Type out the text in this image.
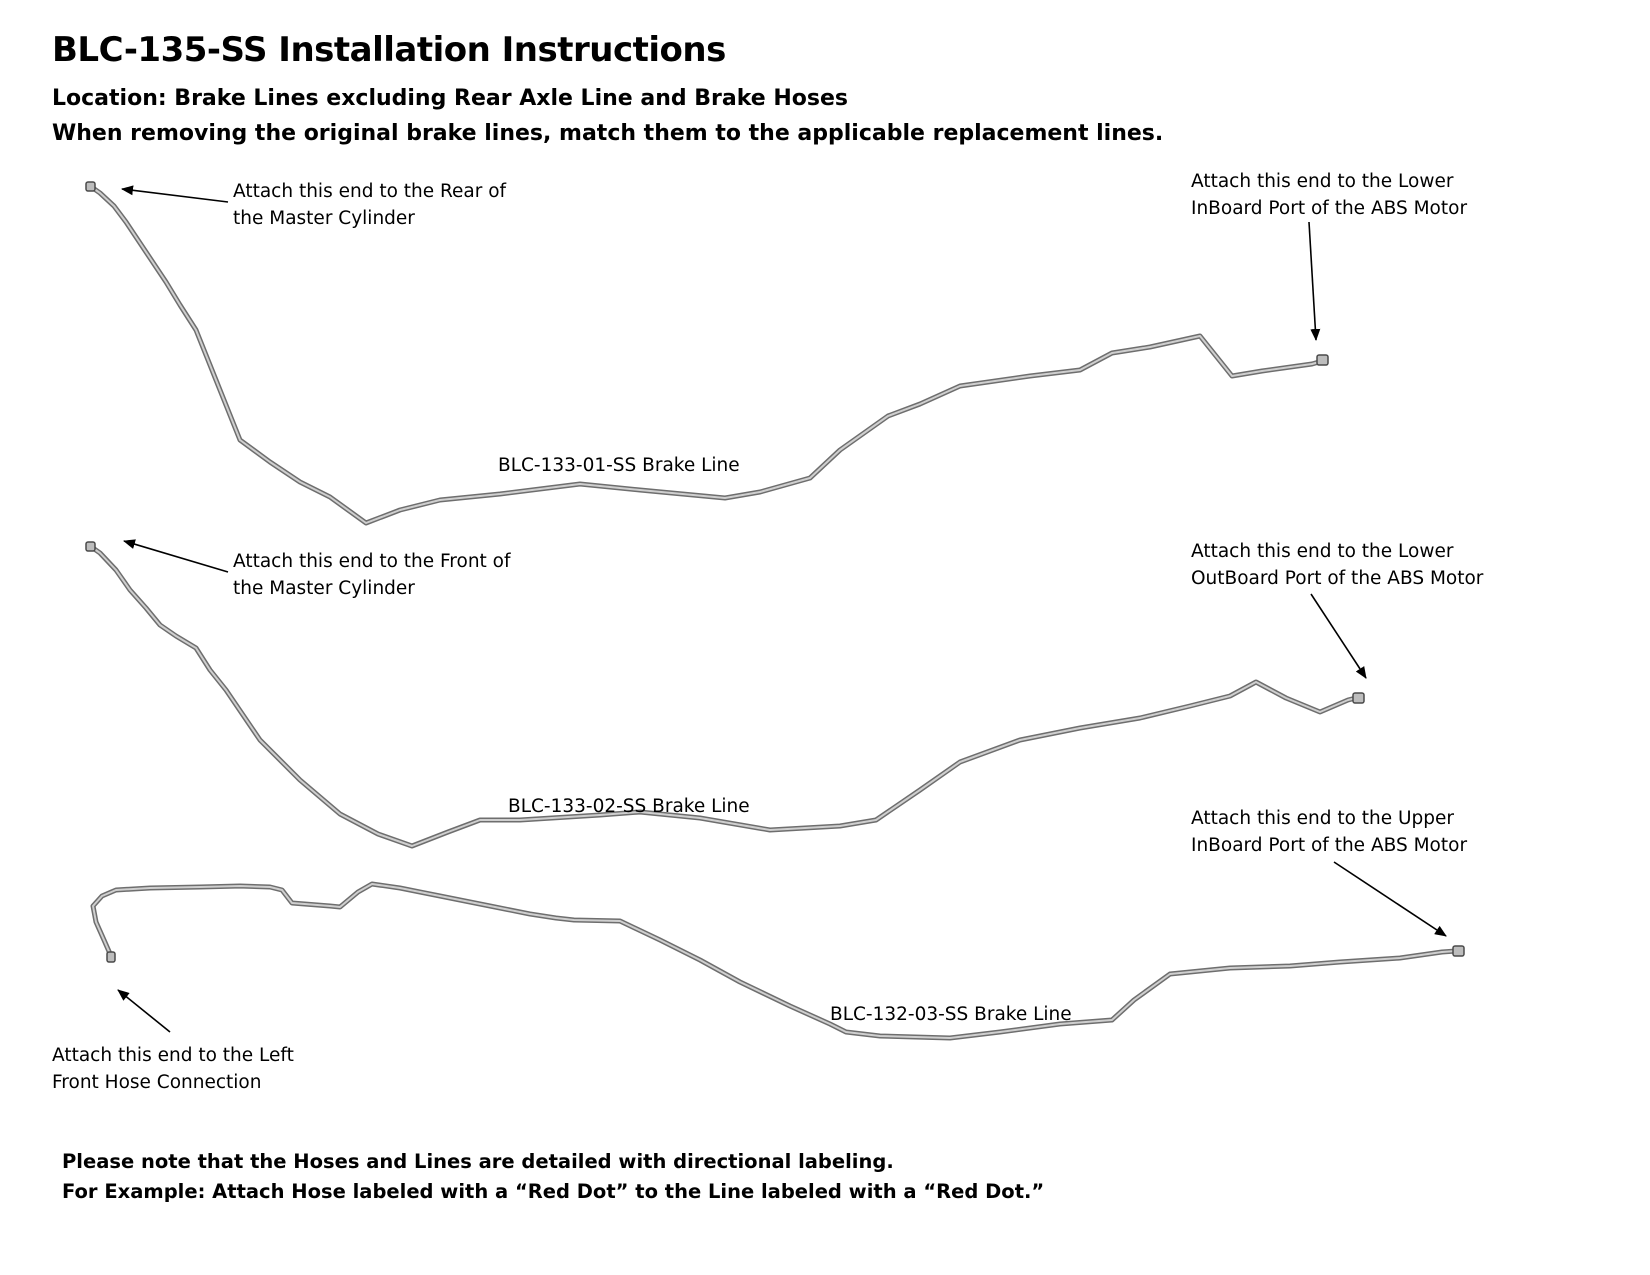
BLC-135-SS Installation Instructions

Location: Brake Lines excluding Rear Axle Line and Brake Hoses

When removing the original brake lines, match them to the applicable replacement lines.

Attach this end to the Rear of
the Master Cylinder
Attach this end to the Lower
InBoard Port of the ABS Motor
BLC-133-01-SS Brake Line
Attach this end to the Front of
the Master Cylinder
Attach this end to the Lower
OutBoard Port of the ABS Motor
BLC-133-02-SS Brake Line
Attach this end to the Left
Front Hose Connection
Attach this end to the Upper
InBoard Port of the ABS Motor
BLC-132-03-SS Brake Line

Please note that the Hoses and Lines are detailed with directional labeling.

For Example: Attach Hose labeled with a “Red Dot” to the Line labeled with a “Red Dot.”
